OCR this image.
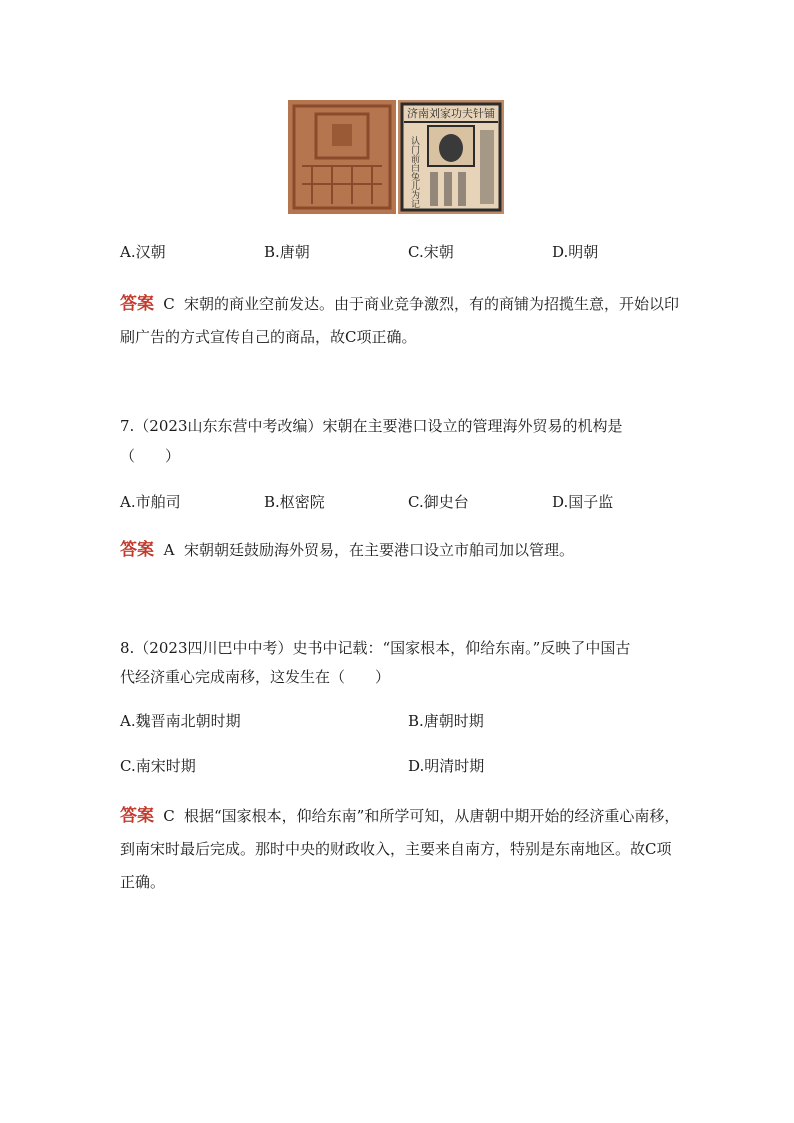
济南刘家功夫针铺
认门前白兔儿为记
A.汉朝	B.唐朝	C.宋朝	D.明朝
答案 C 宋朝的商业空前发达。由于商业竞争激烈，有的商铺为招揽生意，开始以印刷广告的方式宣传自己的商品，故C项正确。
7.（2023山东东营中考改编）宋朝在主要港口设立的管理海外贸易的机构是
（　　）
A.市舶司	B.枢密院	C.御史台	D.国子监
答案 A 宋朝朝廷鼓励海外贸易，在主要港口设立市舶司加以管理。
8.（2023四川巴中中考）史书中记载：“国家根本，仰给东南。”反映了中国古
代经济重心完成南移，这发生在（　　）
A.魏晋南北朝时期	B.唐朝时期
C.南宋时期	D.明清时期
答案 C 根据“国家根本，仰给东南”和所学可知，从唐朝中期开始的经济重心南移，到南宋时最后完成。那时中央的财政收入，主要来自南方，特别是东南地区。故C项正确。
